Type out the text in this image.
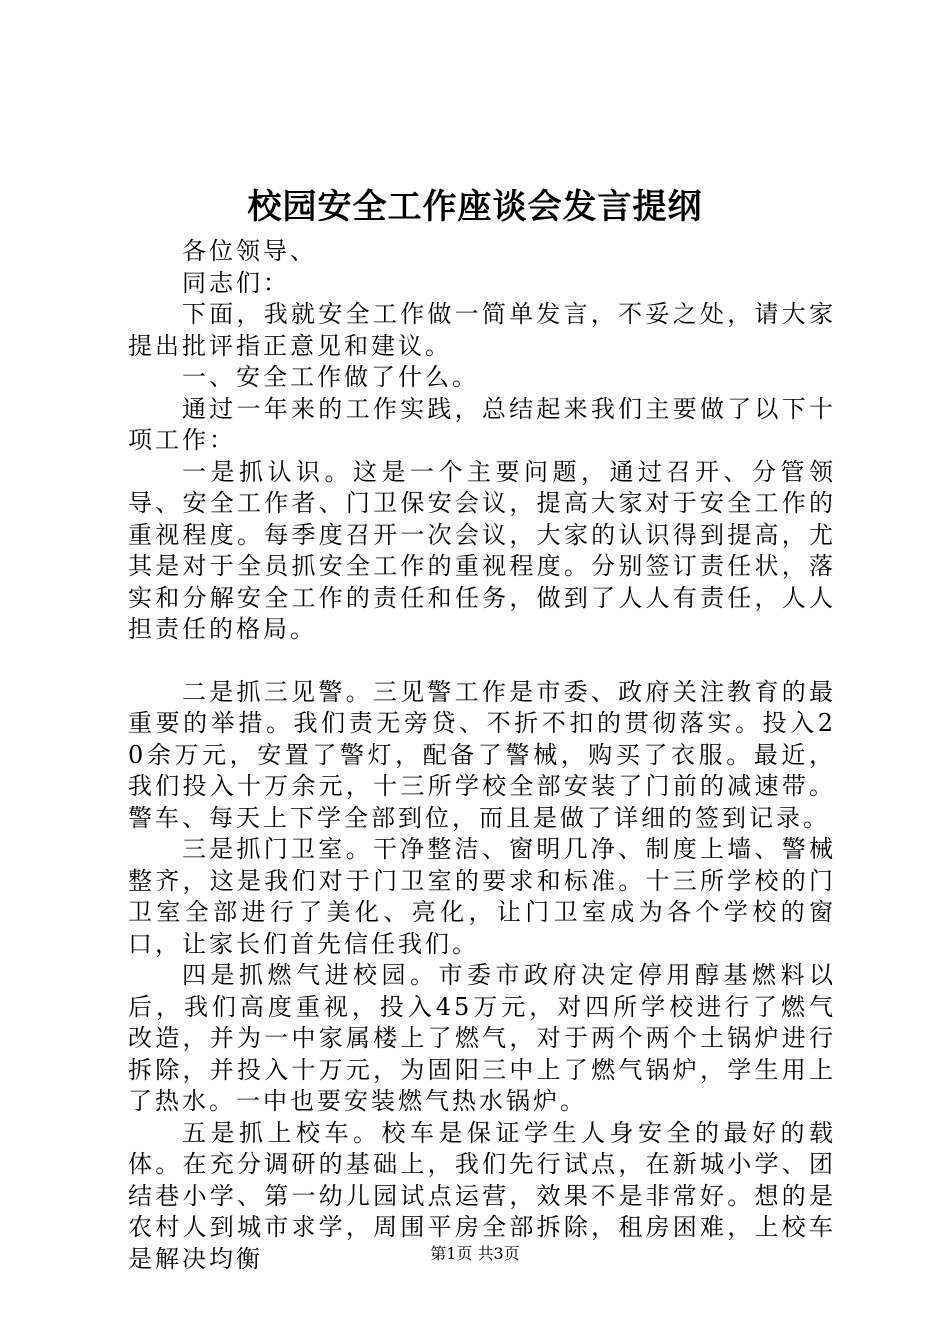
校园安全工作座谈会发言提纲

各位领导、

同志们：

下面，我就安全工作做一简单发言，不妥之处，请大家提出批评指正意见和建议。

一、安全工作做了什么。

通过一年来的工作实践，总结起来我们主要做了以下十项工作：

一是抓认识。这是一个主要问题，通过召开、分管领导、安全工作者、门卫保安会议，提高大家对于安全工作的重视程度。每季度召开一次会议，大家的认识得到提高，尤其是对于全员抓安全工作的重视程度。分别签订责任状，落实和分解安全工作的责任和任务，做到了人人有责任，人人担责任的格局。

二是抓三见警。三见警工作是市委、政府关注教育的最重要的举措。我们责无旁贷、不折不扣的贯彻落实。投入20余万元，安置了警灯，配备了警械，购买了衣服。最近，我们投入十万余元，十三所学校全部安装了门前的减速带。警车、每天上下学全部到位，而且是做了详细的签到记录。

三是抓门卫室。干净整洁、窗明几净、制度上墙、警械整齐，这是我们对于门卫室的要求和标准。十三所学校的门卫室全部进行了美化、亮化，让门卫室成为各个学校的窗口，让家长们首先信任我们。

四是抓燃气进校园。市委市政府决定停用醇基燃料以后，我们高度重视，投入45万元，对四所学校进行了燃气改造，并为一中家属楼上了燃气，对于两个两个土锅炉进行拆除，并投入十万元，为固阳三中上了燃气锅炉，学生用上了热水。一中也要安装燃气热水锅炉。

五是抓上校车。校车是保证学生人身安全的最好的载体。在充分调研的基础上，我们先行试点，在新城小学、团结巷小学、第一幼儿园试点运营，效果不是非常好。想的是农村人到城市求学，周围平房全部拆除，租房困难，上校车是解决均衡	第1页 共3页
